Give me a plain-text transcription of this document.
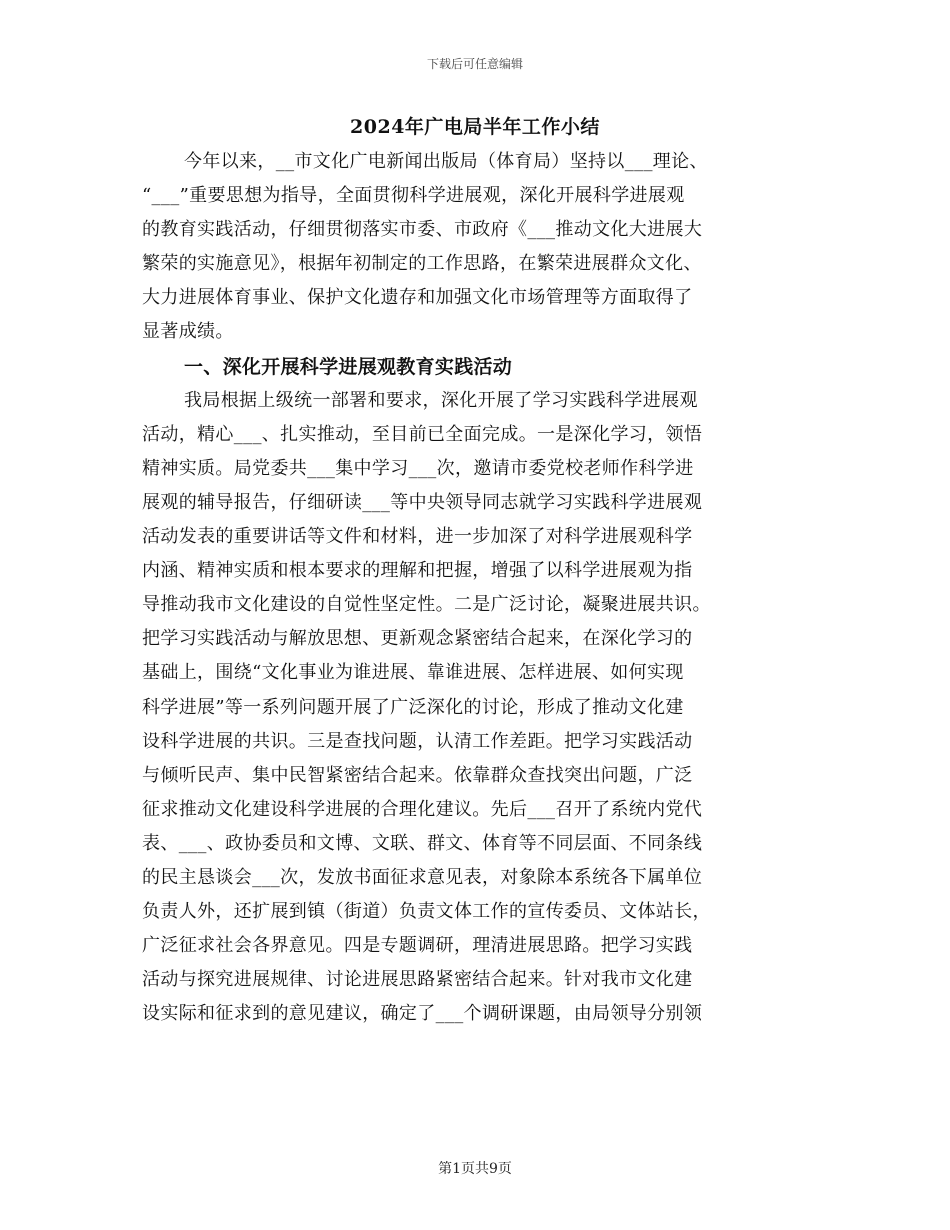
下载后可任意编辑
2024年广电局半年工作小结

今年以来，__市文化广电新闻出版局（体育局）坚持以___理论、
“___”重要思想为指导，全面贯彻科学进展观，深化开展科学进展观
的教育实践活动，仔细贯彻落实市委、市政府《___推动文化大进展大
繁荣的实施意见》，根据年初制定的工作思路，在繁荣进展群众文化、
大力进展体育事业、保护文化遗存和加强文化市场管理等方面取得了
显著成绩。

一、深化开展科学进展观教育实践活动

我局根据上级统一部署和要求，深化开展了学习实践科学进展观
活动，精心___、扎实推动，至目前已全面完成。一是深化学习，领悟
精神实质。局党委共___集中学习___次，邀请市委党校老师作科学进
展观的辅导报告，仔细研读___等中央领导同志就学习实践科学进展观
活动发表的重要讲话等文件和材料，进一步加深了对科学进展观科学
内涵、精神实质和根本要求的理解和把握，增强了以科学进展观为指
导推动我市文化建设的自觉性坚定性。二是广泛讨论，凝聚进展共识。
把学习实践活动与解放思想、更新观念紧密结合起来，在深化学习的
基础上，围绕“文化事业为谁进展、靠谁进展、怎样进展、如何实现
科学进展”等一系列问题开展了广泛深化的讨论，形成了推动文化建
设科学进展的共识。三是查找问题，认清工作差距。把学习实践活动
与倾听民声、集中民智紧密结合起来。依靠群众查找突出问题，广泛
征求推动文化建设科学进展的合理化建议。先后___召开了系统内党代
表、___、政协委员和文博、文联、群文、体育等不同层面、不同条线
的民主恳谈会___次，发放书面征求意见表，对象除本系统各下属单位
负责人外，还扩展到镇（街道）负责文体工作的宣传委员、文体站长，
广泛征求社会各界意见。四是专题调研，理清进展思路。把学习实践
活动与探究进展规律、讨论进展思路紧密结合起来。针对我市文化建
设实际和征求到的意见建议，确定了___个调研课题，由局领导分别领

第1页共9页
